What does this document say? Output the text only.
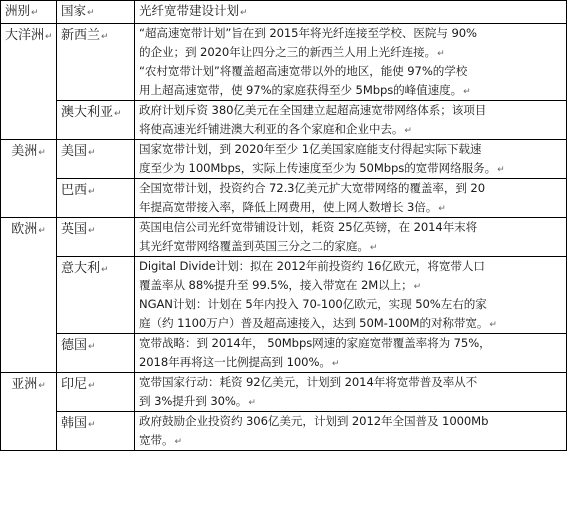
洲别↵	国家↵	光纤宽带建设计划↵
大洋洲↵	新西兰↵	“超高速宽带计划”旨在到 2015年将光纤连接至学校、医院与 90%
的企业；到 2020年让四分之三的新西兰人用上光纤连接。↵
“农村宽带计划”将覆盖超高速宽带以外的地区，能使 97%的学校
用上超高速宽带，使 97%的家庭获得至少 5Mbps的峰值速度。↵

	澳大利亚↵	政府计划斥资 380亿美元在全国建立起超高速宽带网络体系；该项目
将使高速光纤铺进澳大利亚的各个家庭和企业中去。↵

美洲↵	美国↵	国家宽带计划，到 2020年至少 1亿美国家庭能支付得起实际下载速
度至少为 100Mbps，实际上传速度至少为 50Mbps的宽带网络服务。↵

	巴西↵	全国宽带计划，投资约合 72.3亿美元扩大宽带网络的覆盖率，到 20
年提高宽带接入率，降低上网费用，使上网人数增长 3倍。↵

欧洲↵	英国↵	英国电信公司光纤宽带铺设计划，耗资 25亿英镑，在 2014年末将
其光纤宽带网络覆盖到英国三分之二的家庭。↵

	意大利↵	Digital Divide计划：拟在 2012年前投资约 16亿欧元，将宽带人口
覆盖率从 88%提升至 99.5%，接入带宽在 2M以上；↵
NGAN计划：计划在 5年内投入 70-100亿欧元，实现 50%左右的家
庭（约 1100万户）普及超高速接入，达到 50M-100M的对称带宽。↵

	德国↵	宽带战略：到 2014年， 50Mbps网速的家庭宽带覆盖率将为 75%，
2018年再将这一比例提高到 100%。↵

亚洲↵	印尼↵	宽带国家行动：耗资 92亿美元，计划到 2014年将宽带普及率从不
到 3%提升到 30%。↵

	韩国↵	政府鼓励企业投资约 306亿美元，计划到 2012年全国普及 1000Mb
宽带。↵
